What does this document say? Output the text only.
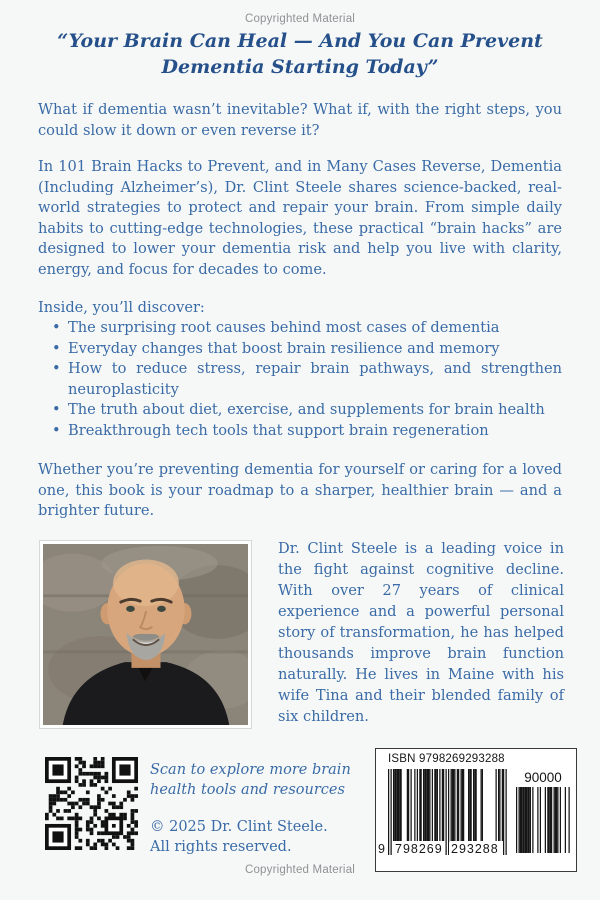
Copyrighted Material
“Your Brain Can Heal — And You Can Prevent
Dementia Starting Today”

What if dementia wasn’t inevitable? What if, with the right steps, you could slow it down or even reverse it?

In 101 Brain Hacks to Prevent, and in Many Cases Reverse, Dementia (Including Alzheimer’s), Dr. Clint Steele shares science-backed, real-world strategies to protect and repair your brain. From simple daily habits to cutting-edge technologies, these practical “brain hacks” are designed to lower your dementia risk and help you live with clarity, energy, and focus for decades to come.

Inside, you’ll discover:

• The surprising root causes behind most cases of dementia
• Everyday changes that boost brain resilience and memory
• How to reduce stress, repair brain pathways, and strengthen neuroplasticity
• The truth about diet, exercise, and supplements for brain health
• Breakthrough tech tools that support brain regeneration

Whether you’re preventing dementia for yourself or caring for a loved one, this book is your roadmap to a sharper, healthier brain — and a brighter future.

Dr. Clint Steele is a leading voice in the fight against cognitive decline. With over 27 years of clinical experience and a powerful personal story of transformation, he has helped thousands improve brain function naturally. He lives in Maine with his wife Tina and their blended family of six children.

Scan to explore more brain
health tools and resources

© 2025 Dr. Clint Steele.
All rights reserved.

ISBN 9798269293288
90000
9 798269 293288
Copyrighted Material
